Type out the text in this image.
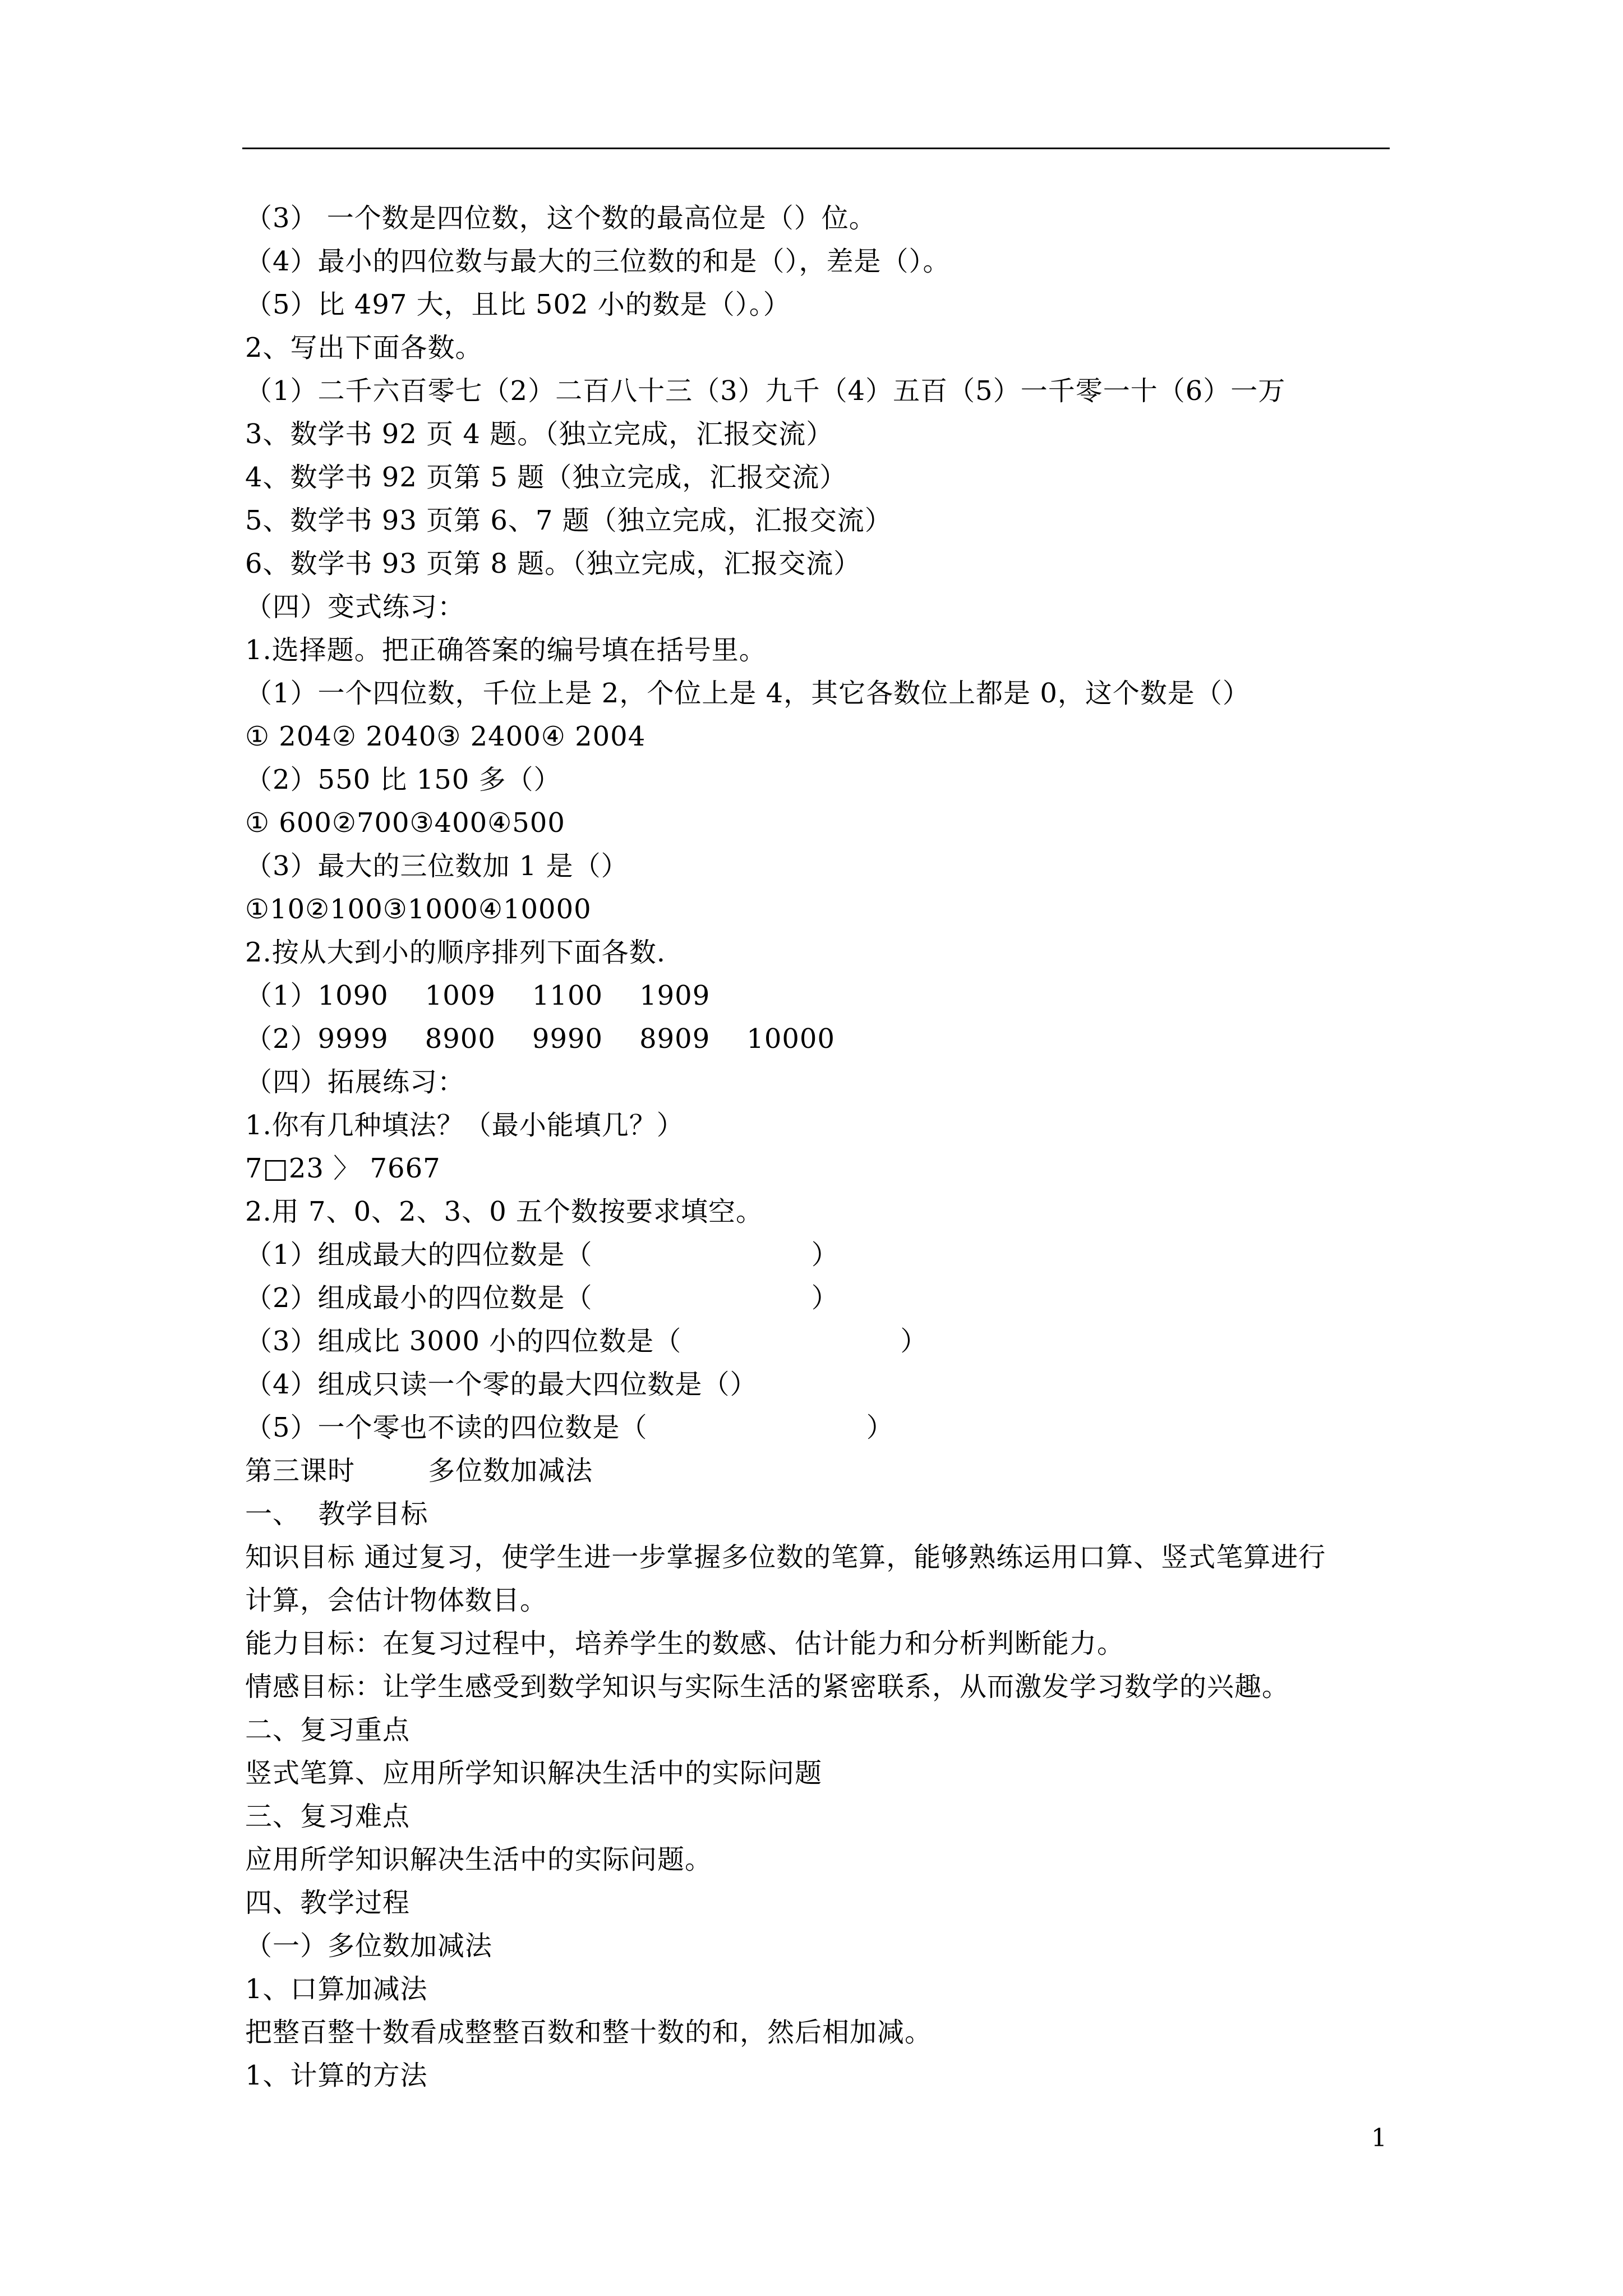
（3） 一个数是四位数，这个数的最高位是（）位。
（4）最小的四位数与最大的三位数的和是（），差是（）。
（5）比 497 大，且比 502 小的数是（）。）
2、写出下面各数。
（1）二千六百零七（2）二百八十三（3）九千（4）五百（5）一千零一十（6）一万
3、数学书 92 页 4 题。（独立完成，汇报交流）
4、数学书 92 页第 5 题（独立完成，汇报交流）
5、数学书 93 页第 6、7 题（独立完成，汇报交流）
6、数学书 93 页第 8 题。（独立完成，汇报交流）
（四）变式练习：
1.选择题。把正确答案的编号填在括号里。
（1）一个四位数，千位上是 2，个位上是 4，其它各数位上都是 0，这个数是（）
① 204② 2040③ 2400④ 2004
（2）550 比 150 多（）
① 600②700③400④500
（3）最大的三位数加 1 是（）
①10②100③1000④10000
2.按从大到小的顺序排列下面各数.
（1）1090    1009    1100    1909
（2）9999    8900    9990    8909    10000
（四）拓展练习：
1.你有几种填法？（最小能填几？）
7□23 〉 7667
2.用 7、0、2、3、0 五个数按要求填空。
（1）组成最大的四位数是（                        ）
（2）组成最小的四位数是（                        ）
（3）组成比 3000 小的四位数是（                        ）
（4）组成只读一个零的最大四位数是（）
（5）一个零也不读的四位数是（                        ）
第三课时        多位数加减法
一、  教学目标
知识目标 通过复习，使学生进一步掌握多位数的笔算，能够熟练运用口算、竖式笔算进行
计算，会估计物体数目。
能力目标：在复习过程中，培养学生的数感、估计能力和分析判断能力。
情感目标：让学生感受到数学知识与实际生活的紧密联系，从而激发学习数学的兴趣。
二、复习重点
竖式笔算、应用所学知识解决生活中的实际问题
三、复习难点
应用所学知识解决生活中的实际问题。
四、教学过程
（一）多位数加减法
1、口算加减法
把整百整十数看成整整百数和整十数的和，然后相加减。
1、计算的方法
1
